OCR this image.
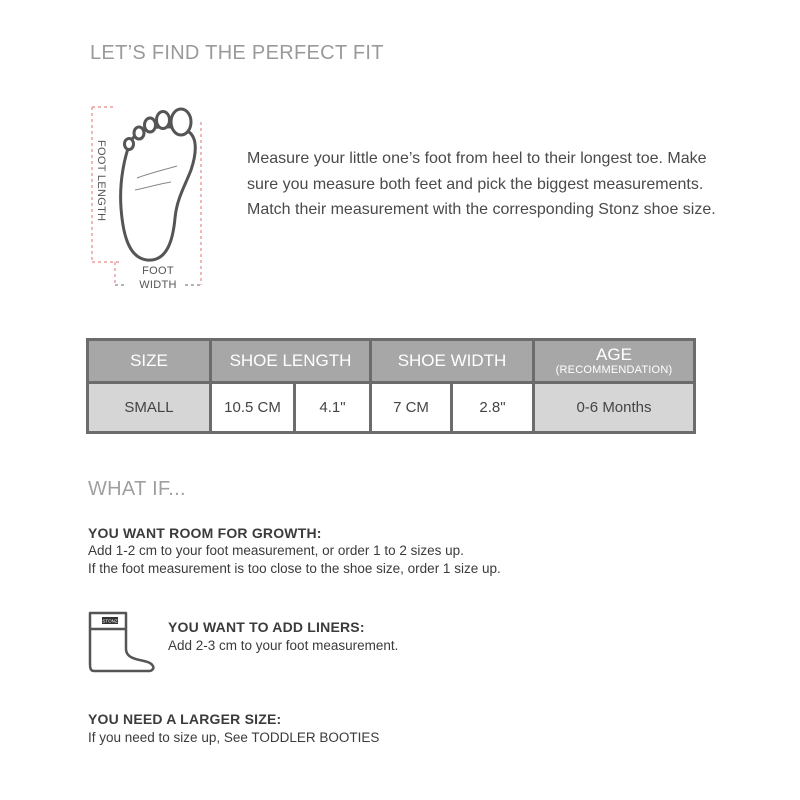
LET’S FIND THE PERFECT FIT
FOOT LENGTH
FOOT
WIDTH
Measure your little one’s foot from heel to their longest toe. Make sure you measure both feet and pick the biggest measurements. Match their measurement with the corresponding Stonz shoe size.
SIZE	SHOE LENGTH	SHOE WIDTH	AGE
(RECOMMENDATION)
SMALL	10.5 CM	4.1"	7 CM	2.8"	0-6 Months
WHAT IF...
YOU WANT ROOM FOR GROWTH:
Add 1-2 cm to your foot measurement, or order 1 to 2 sizes up.
If the foot measurement is too close to the shoe size, order 1 size up.
STONZ	YOU WANT TO ADD LINERS:
Add 2-3 cm to your foot measurement.
YOU NEED A LARGER SIZE:
If you need to size up, See TODDLER BOOTIES
